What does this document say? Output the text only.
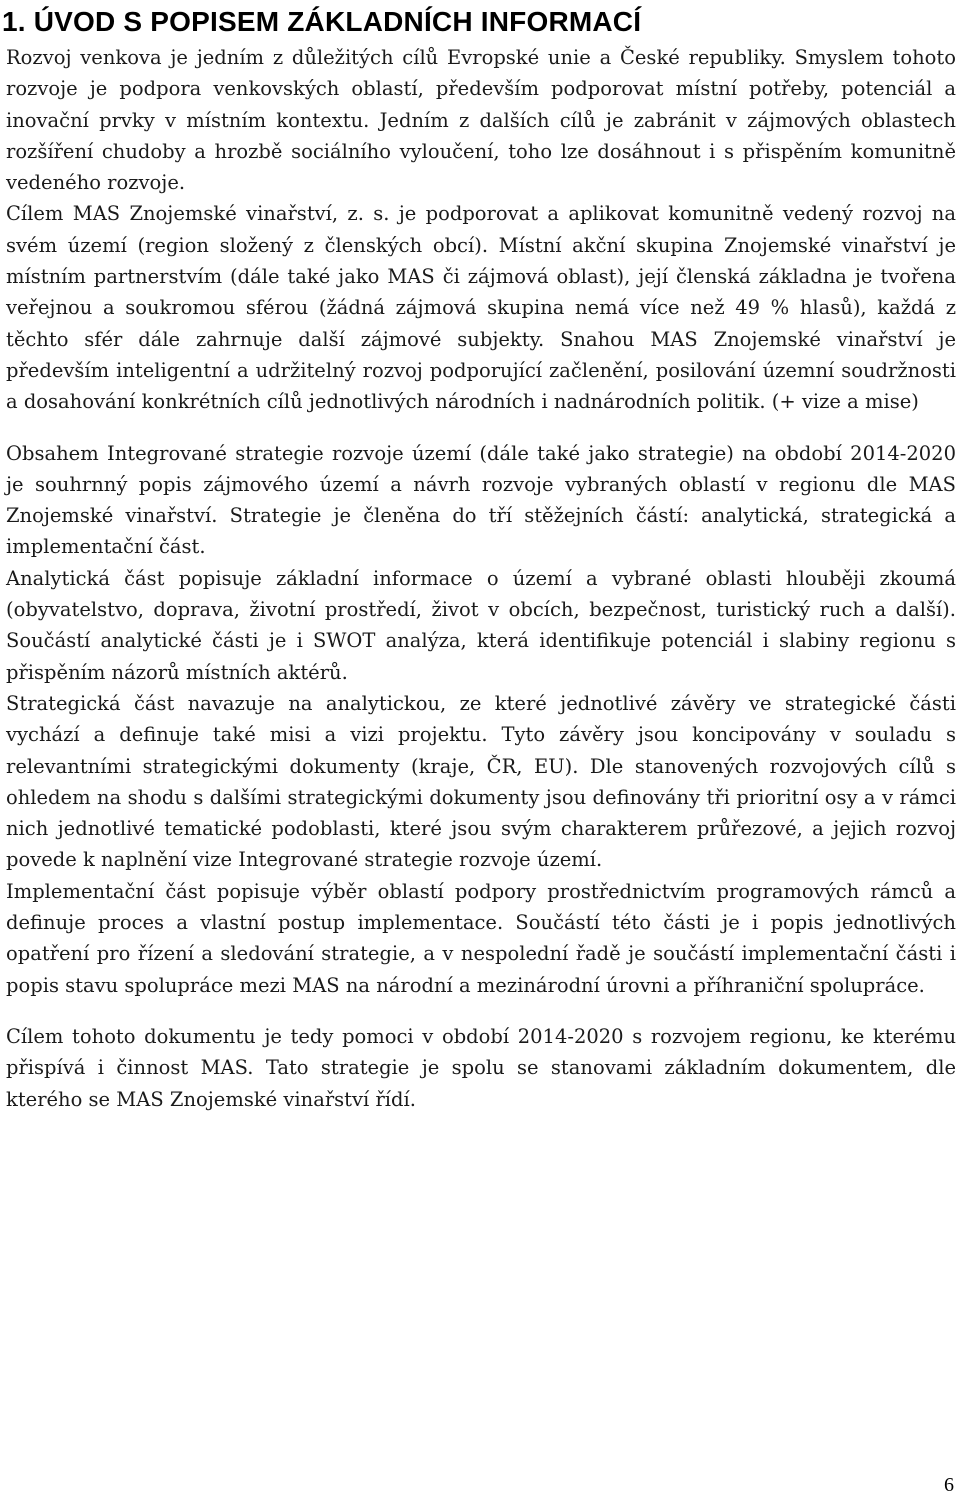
1. ÚVOD S POPISEM ZÁKLADNÍCH INFORMACÍ

Rozvoj venkova je jedním z důležitých cílů Evropské unie a České republiky. Smyslem tohoto rozvoje je podpora venkovských oblastí, především podporovat místní potřeby, potenciál a inovační prvky v místním kontextu. Jedním z dalších cílů je zabránit v zájmových oblastech rozšíření chudoby a hrozbě sociálního vyloučení, toho lze dosáhnout i s přispěním komunitně vedeného rozvoje.

Cílem MAS Znojemské vinařství, z. s. je podporovat a aplikovat komunitně vedený rozvoj na svém území (region složený z členských obcí). Místní akční skupina Znojemské vinařství je místním partnerstvím (dále také jako MAS či zájmová oblast), její členská základna je tvořena veřejnou a soukromou sférou (žádná zájmová skupina nemá více než 49 % hlasů), každá z těchto sfér dále zahrnuje další zájmové subjekty. Snahou MAS Znojemské vinařství je především inteligentní a udržitelný rozvoj podporující začlenění, posilování územní soudržnosti a dosahování konkrétních cílů jednotlivých národních i nadnárodních politik. (+ vize a mise)

Obsahem Integrované strategie rozvoje území (dále také jako strategie) na období 2014-2020 je souhrnný popis zájmového území a návrh rozvoje vybraných oblastí v regionu dle MAS Znojemské vinařství. Strategie je členěna do tří stěžejních částí: analytická, strategická a implementační část.

Analytická část popisuje základní informace o území a vybrané oblasti hlouběji zkoumá (obyvatelstvo, doprava, životní prostředí, život v obcích, bezpečnost, turistický ruch a další). Součástí analytické části je i SWOT analýza, která identifikuje potenciál i slabiny regionu s přispěním názorů místních aktérů.

Strategická část navazuje na analytickou, ze které jednotlivé závěry ve strategické části vychází a definuje také misi a vizi projektu. Tyto závěry jsou koncipovány v souladu s relevantními strategickými dokumenty (kraje, ČR, EU). Dle stanovených rozvojových cílů s ohledem na shodu s dalšími strategickými dokumenty jsou definovány tři prioritní osy a v rámci nich jednotlivé tematické podoblasti, které jsou svým charakterem průřezové, a jejich rozvoj povede k naplnění vize Integrované strategie rozvoje území.

Implementační část popisuje výběr oblastí podpory prostřednictvím programových rámců a definuje proces a vlastní postup implementace. Součástí této části je i popis jednotlivých opatření pro řízení a sledování strategie, a v nespolední řadě je součástí implementační části i popis stavu spolupráce mezi MAS na národní a mezinárodní úrovni a příhraniční spolupráce.

Cílem tohoto dokumentu je tedy pomoci v období 2014-2020 s rozvojem regionu, ke kterému přispívá i činnost MAS. Tato strategie je spolu se stanovami základním dokumentem, dle kterého se MAS Znojemské vinařství řídí.

6
